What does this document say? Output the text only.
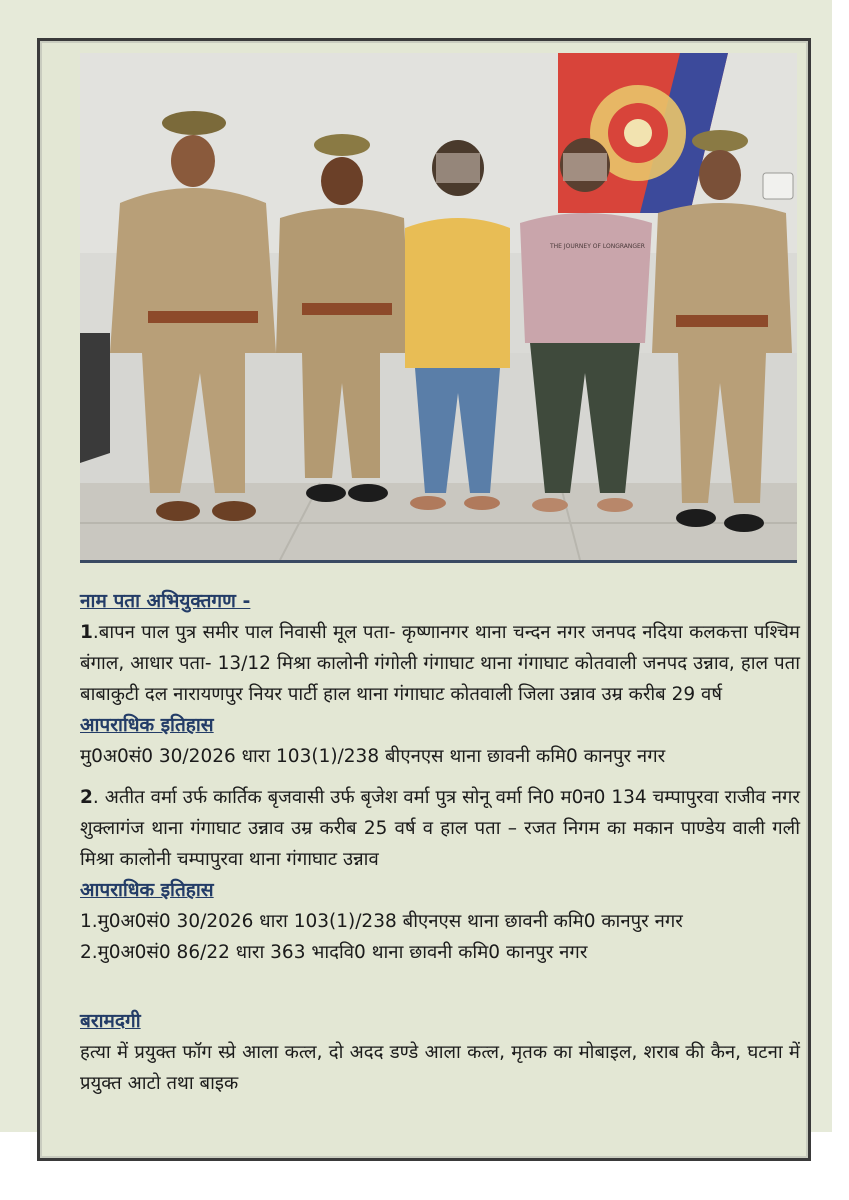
THE JOURNEY OF LONGRANGER

नाम पता अभियुक्तगण -

1.बापन पाल पुत्र समीर पाल निवासी मूल पता- कृष्णानगर थाना चन्दन नगर जनपद नदिया कलकत्ता पश्चिम बंगाल, आधार पता- 13/12 मिश्रा कालोनी गंगोली गंगाघाट थाना गंगाघाट कोतवाली जनपद उन्नाव, हाल पता बाबाकुटी दल नारायणपुर नियर पार्टी हाल थाना गंगाघाट कोतवाली जिला उन्नाव उम्र करीब 29 वर्ष

आपराधिक इतिहास

मु0अ0सं0 30/2026 धारा 103(1)/238 बीएनएस थाना छावनी कमि0 कानपुर नगर

2. अतीत वर्मा उर्फ कार्तिक बृजवासी उर्फ बृजेश वर्मा पुत्र सोनू वर्मा नि0 म0न0 134 चम्पापुरवा राजीव नगर शुक्लागंज थाना गंगाघाट उन्नाव उम्र करीब 25 वर्ष व हाल पता – रजत निगम का मकान पाण्डेय वाली गली मिश्रा कालोनी चम्पापुरवा थाना गंगाघाट उन्नाव

आपराधिक इतिहास

1.मु0अ0सं0 30/2026 धारा 103(1)/238 बीएनएस थाना छावनी कमि0 कानपुर नगर

2.मु0अ0सं0 86/22 धारा 363 भादवि0 थाना छावनी कमि0 कानपुर नगर

बरामदगी

हत्या में प्रयुक्त फॉग स्प्रे आला कत्ल, दो अदद डण्डे आला कत्ल, मृतक का मोबाइल, शराब की कैन, घटना में प्रयुक्त आटो तथा बाइक
